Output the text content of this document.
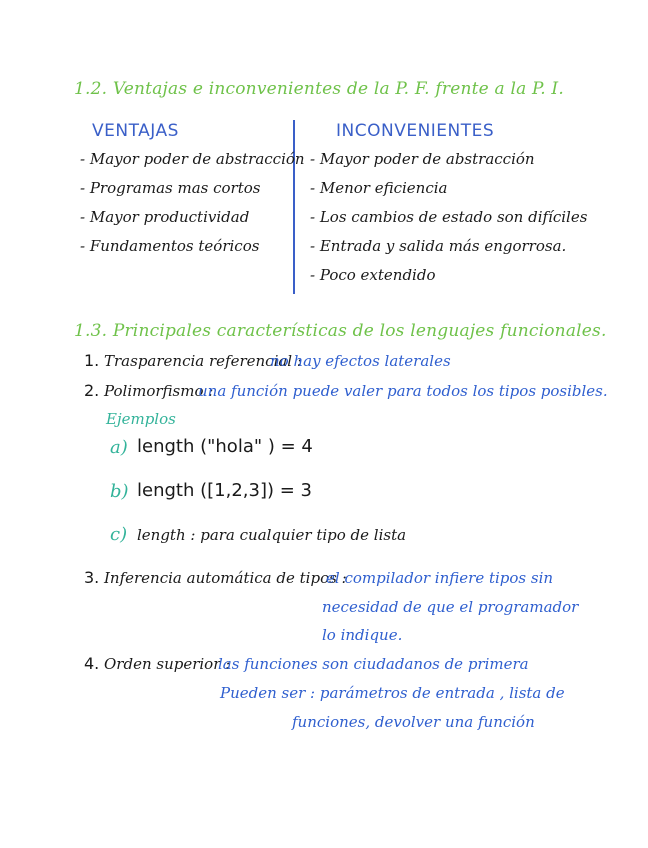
1.2. Ventajas e inconvenientes de la P. F. frente a la P. I.
VENTAJAS	INCONVENIENTES
- Mayor poder de abstracción
- Programas mas cortos
- Mayor productividad
- Fundamentos teóricos
- Mayor poder de abstracción
- Menor eficiencia
- Los cambios de estado son difíciles
- Entrada y salida más engorrosa.
- Poco extendido
1.3. Principales características de los lenguajes funcionales.
1. Trasparencia referencial :
no hay efectos laterales
2. Polimorfismo :
una función puede valer para todos los tipos posibles.
Ejemplos
a) length ("hola" ) = 4
b) length ([1,2,3]) = 3
c) length : para cualquier tipo de lista
3. Inferencia automática de tipos :
el compilador infiere tipos sin
necesidad de que el programador
lo indique.
4. Orden superior :
las funciones son ciudadanos de primera
Pueden ser : parámetros de entrada , lista de
funciones, devolver una función
